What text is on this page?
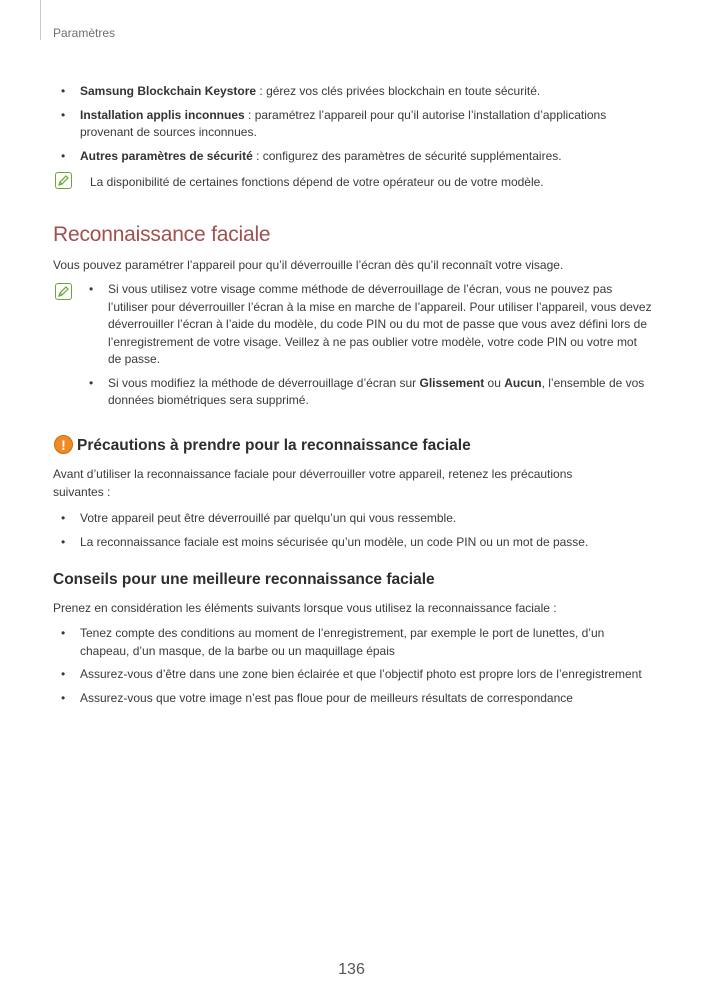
Paramètres
• Samsung Blockchain Keystore : gérez vos clés privées blockchain en toute sécurité.
• Installation applis inconnues : paramétrez l’appareil pour qu’il autorise l’installation d’applications provenant de sources inconnues.
• Autres paramètres de sécurité : configurez des paramètres de sécurité supplémentaires.
La disponibilité de certaines fonctions dépend de votre opérateur ou de votre modèle.
Reconnaissance faciale
Vous pouvez paramétrer l’appareil pour qu’il déverrouille l’écran dès qu’il reconnaît votre visage.
• Si vous utilisez votre visage comme méthode de déverrouillage de l’écran, vous ne pouvez pas l’utiliser pour déverrouiller l’écran à la mise en marche de l’appareil. Pour utiliser l’appareil, vous devez déverrouiller l’écran à l’aide du modèle, du code PIN ou du mot de passe que vous avez défini lors de l’enregistrement de votre visage. Veillez à ne pas oublier votre modèle, votre code PIN ou votre mot de passe.
• Si vous modifiez la méthode de déverrouillage d’écran sur Glissement ou Aucun, l’ensemble de vos données biométriques sera supprimé.
! Précautions à prendre pour la reconnaissance faciale
Avant d’utiliser la reconnaissance faciale pour déverrouiller votre appareil, retenez les précautions suivantes :
• Votre appareil peut être déverrouillé par quelqu’un qui vous ressemble.
• La reconnaissance faciale est moins sécurisée qu’un modèle, un code PIN ou un mot de passe.
Conseils pour une meilleure reconnaissance faciale
Prenez en considération les éléments suivants lorsque vous utilisez la reconnaissance faciale :
• Tenez compte des conditions au moment de l’enregistrement, par exemple le port de lunettes, d’un chapeau, d’un masque, de la barbe ou un maquillage épais
• Assurez-vous d’être dans une zone bien éclairée et que l’objectif photo est propre lors de l’enregistrement
• Assurez-vous que votre image n’est pas floue pour de meilleurs résultats de correspondance
136
